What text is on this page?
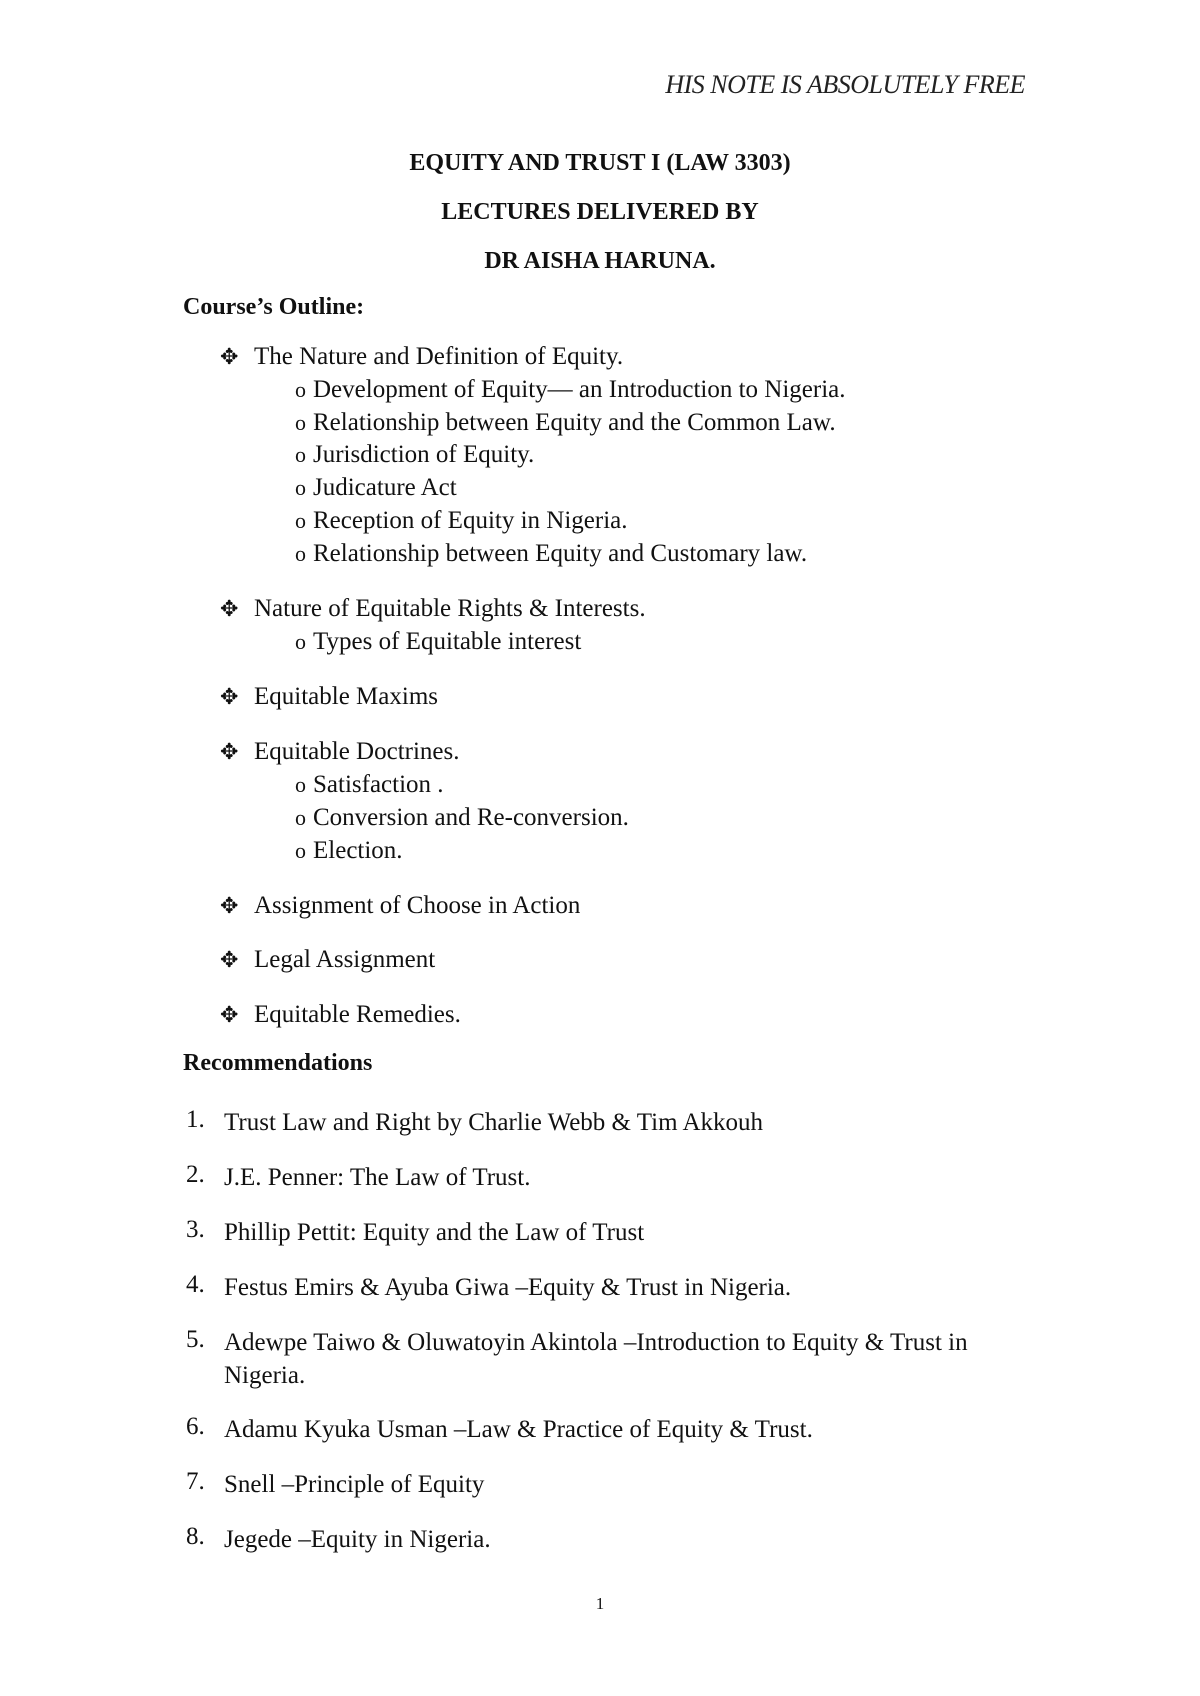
HIS NOTE IS ABSOLUTELY FREE
EQUITY AND TRUST I (LAW 3303)
LECTURES DELIVERED BY
DR AISHA HARUNA.
Course’s Outline:
✥ The Nature and Definition of Equity.
o Development of Equity— an Introduction to Nigeria.
o Relationship between Equity and the Common Law.
o Jurisdiction of Equity.
o Judicature Act
o Reception of Equity in Nigeria.
o Relationship between Equity and Customary law.
✥ Nature of Equitable Rights & Interests.
o Types of Equitable interest
✥ Equitable Maxims
✥ Equitable Doctrines.
o Satisfaction .
o Conversion and Re-conversion.
o Election.
✥ Assignment of Choose in Action
✥ Legal Assignment
✥ Equitable Remedies.
Recommendations
1. Trust Law and Right by Charlie Webb & Tim Akkouh
2. J.E. Penner: The Law of Trust.
3. Phillip Pettit: Equity and the Law of Trust
4. Festus Emirs & Ayuba Giwa –Equity & Trust in Nigeria.
5. Adewpe Taiwo & Oluwatoyin Akintola –Introduction to Equity & Trust in Nigeria.
6. Adamu Kyuka Usman –Law & Practice of Equity & Trust.
7. Snell –Principle of Equity
8. Jegede –Equity in Nigeria.
1
